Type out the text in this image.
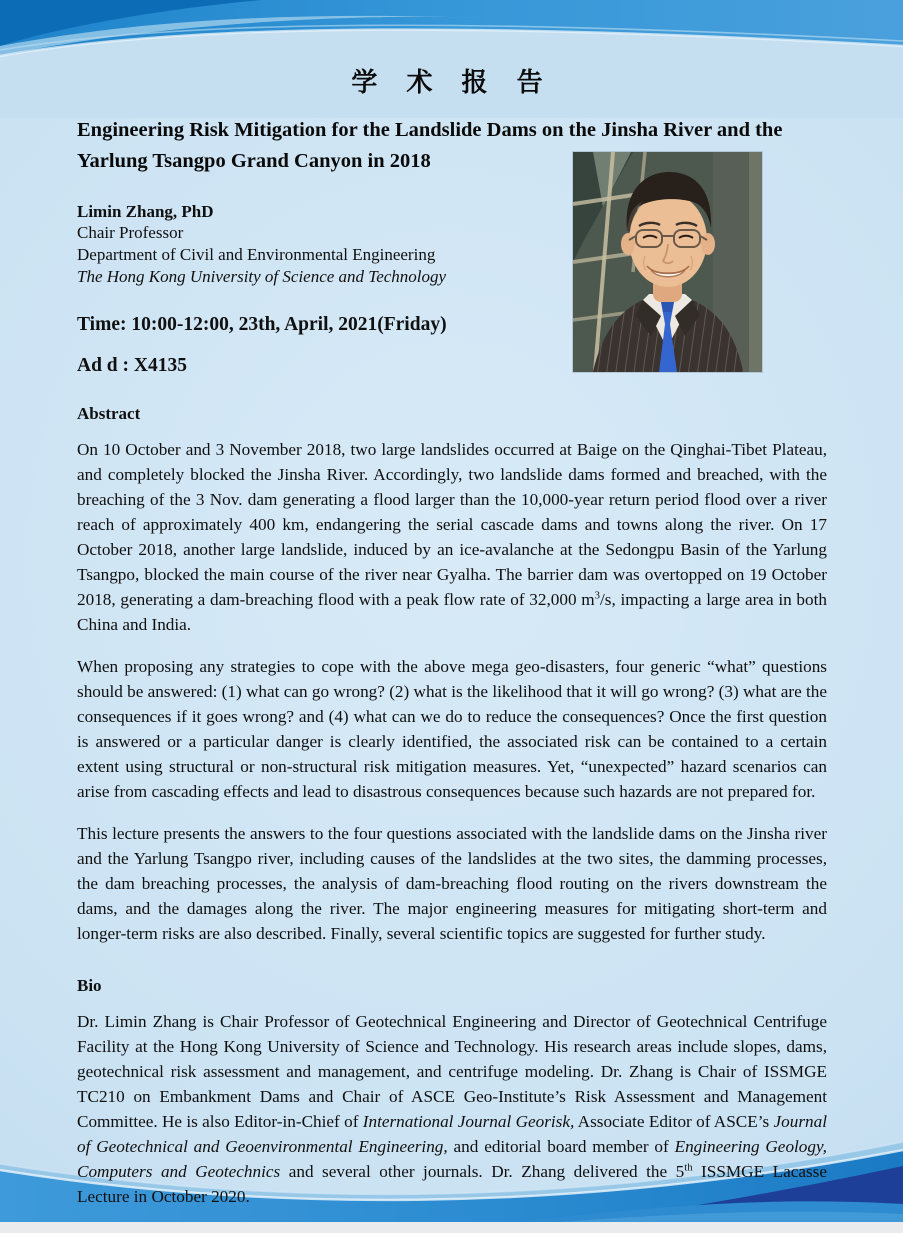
学 术 报 告
Engineering Risk Mitigation for the Landslide Dams on the Jinsha River and the Yarlung Tsangpo Grand Canyon in 2018
Limin Zhang, PhD
Chair Professor
Department of Civil and Environmental Engineering
The Hong Kong University of Science and Technology
Time: 10:00-12:00, 23th, April, 2021(Friday)
Ad d : X4135
Abstract

On 10 October and 3 November 2018, two large landslides occurred at Baige on the Qinghai-Tibet Plateau, and completely blocked the Jinsha River. Accordingly, two landslide dams formed and breached, with the breaching of the 3 Nov. dam generating a flood larger than the 10,000-year return period flood over a river reach of approximately 400 km, endangering the serial cascade dams and towns along the river. On 17 October 2018, another large landslide, induced by an ice-avalanche at the Sedongpu Basin of the Yarlung Tsangpo, blocked the main course of the river near Gyalha. The barrier dam was overtopped on 19 October 2018, generating a dam-breaching flood with a peak flow rate of 32,000 $m^3/s$, impacting a large area in both China and India.

When proposing any strategies to cope with the above mega geo-disasters, four generic “what” questions should be answered: (1) what can go wrong? (2) what is the likelihood that it will go wrong? (3) what are the consequences if it goes wrong? and (4) what can we do to reduce the consequences? Once the first question is answered or a particular danger is clearly identified, the associated risk can be contained to a certain extent using structural or non-structural risk mitigation measures. Yet, “unexpected” hazard scenarios can arise from cascading effects and lead to disastrous consequences because such hazards are not prepared for.

This lecture presents the answers to the four questions associated with the landslide dams on the Jinsha river and the Yarlung Tsangpo river, including causes of the landslides at the two sites, the damming processes, the dam breaching processes, the analysis of dam-breaching flood routing on the rivers downstream the dams, and the damages along the river. The major engineering measures for mitigating short-term and longer-term risks are also described. Finally, several scientific topics are suggested for further study.

Bio

Dr. Limin Zhang is Chair Professor of Geotechnical Engineering and Director of Geotechnical Centrifuge Facility at the Hong Kong University of Science and Technology. His research areas include slopes, dams, geotechnical risk assessment and management, and centrifuge modeling. Dr. Zhang is Chair of ISSMGE TC210 on Embankment Dams and Chair of ASCE Geo-Institute’s Risk Assessment and Management Committee. He is also Editor-in-Chief of International Journal Georisk, Associate Editor of ASCE’s Journal of Geotechnical and Geoenvironmental Engineering, and editorial board member of Engineering Geology, Computers and Geotechnics and several other journals. Dr. Zhang delivered the 5th ISSMGE Lacasse Lecture in October 2020.
